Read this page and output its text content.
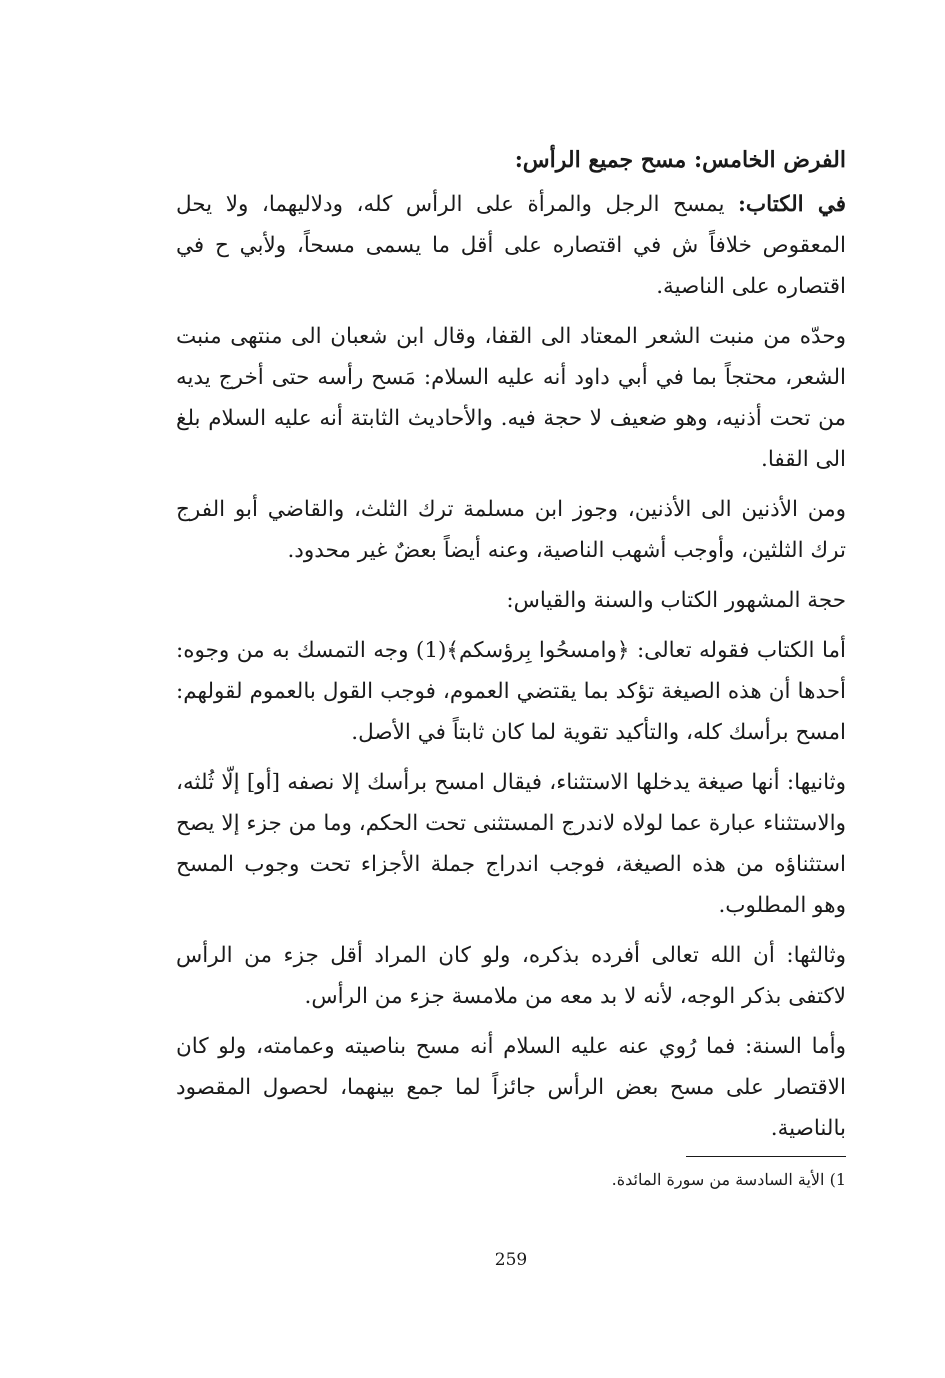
الفرض الخامس: مسح جميع الرأس:

في الكتاب: يمسح الرجل والمرأة على الرأس كله، ودلاليهما، ولا يحل المعقوص خلافاً ش في اقتصاره على أقل ما يسمى مسحاً، ولأبي ح في اقتصاره على الناصية.

وحدّه من منبت الشعر المعتاد الى القفا، وقال ابن شعبان الى منتهى منبت الشعر، محتجاً بما في أبي داود أنه عليه السلام: مَسح رأسه حتى أخرج يديه من تحت أذنيه، وهو ضعيف لا حجة فيه. والأحاديث الثابتة أنه عليه السلام بلغ الى القفا.

ومن الأذنين الى الأذنين، وجوز ابن مسلمة ترك الثلث، والقاضي أبو الفرج ترك الثلثين، وأوجب أشهب الناصية، وعنه أيضاً بعضٌ غير محدود.

حجة المشهور الكتاب والسنة والقياس:

أما الكتاب فقوله تعالى: ﴿وامسحُوا بِرؤسكم﴾(1) وجه التمسك به من وجوه: أحدها أن هذه الصيغة تؤكد بما يقتضي العموم، فوجب القول بالعموم لقولهم: امسح برأسك كله، والتأكيد تقوية لما كان ثابتاً في الأصل.

وثانيها: أنها صيغة يدخلها الاستثناء، فيقال امسح برأسك إلا نصفه [أو] إلّا ثُلثه، والاستثناء عبارة عما لولاه لاندرج المستثنى تحت الحكم، وما من جزء إلا يصح استثناؤه من هذه الصيغة، فوجب اندراج جملة الأجزاء تحت وجوب المسح وهو المطلوب.

وثالثها: أن الله تعالى أفرده بذكره، ولو كان المراد أقل جزء من الرأس لاكتفى بذكر الوجه، لأنه لا بد معه من ملامسة جزء من الرأس.

وأما السنة: فما رُوي عنه عليه السلام أنه مسح بناصيته وعمامته، ولو كان الاقتصار على مسح بعض الرأس جائزاً لما جمع بينهما، لحصول المقصود بالناصية.

1) الأية السادسة من سورة المائدة.
259
